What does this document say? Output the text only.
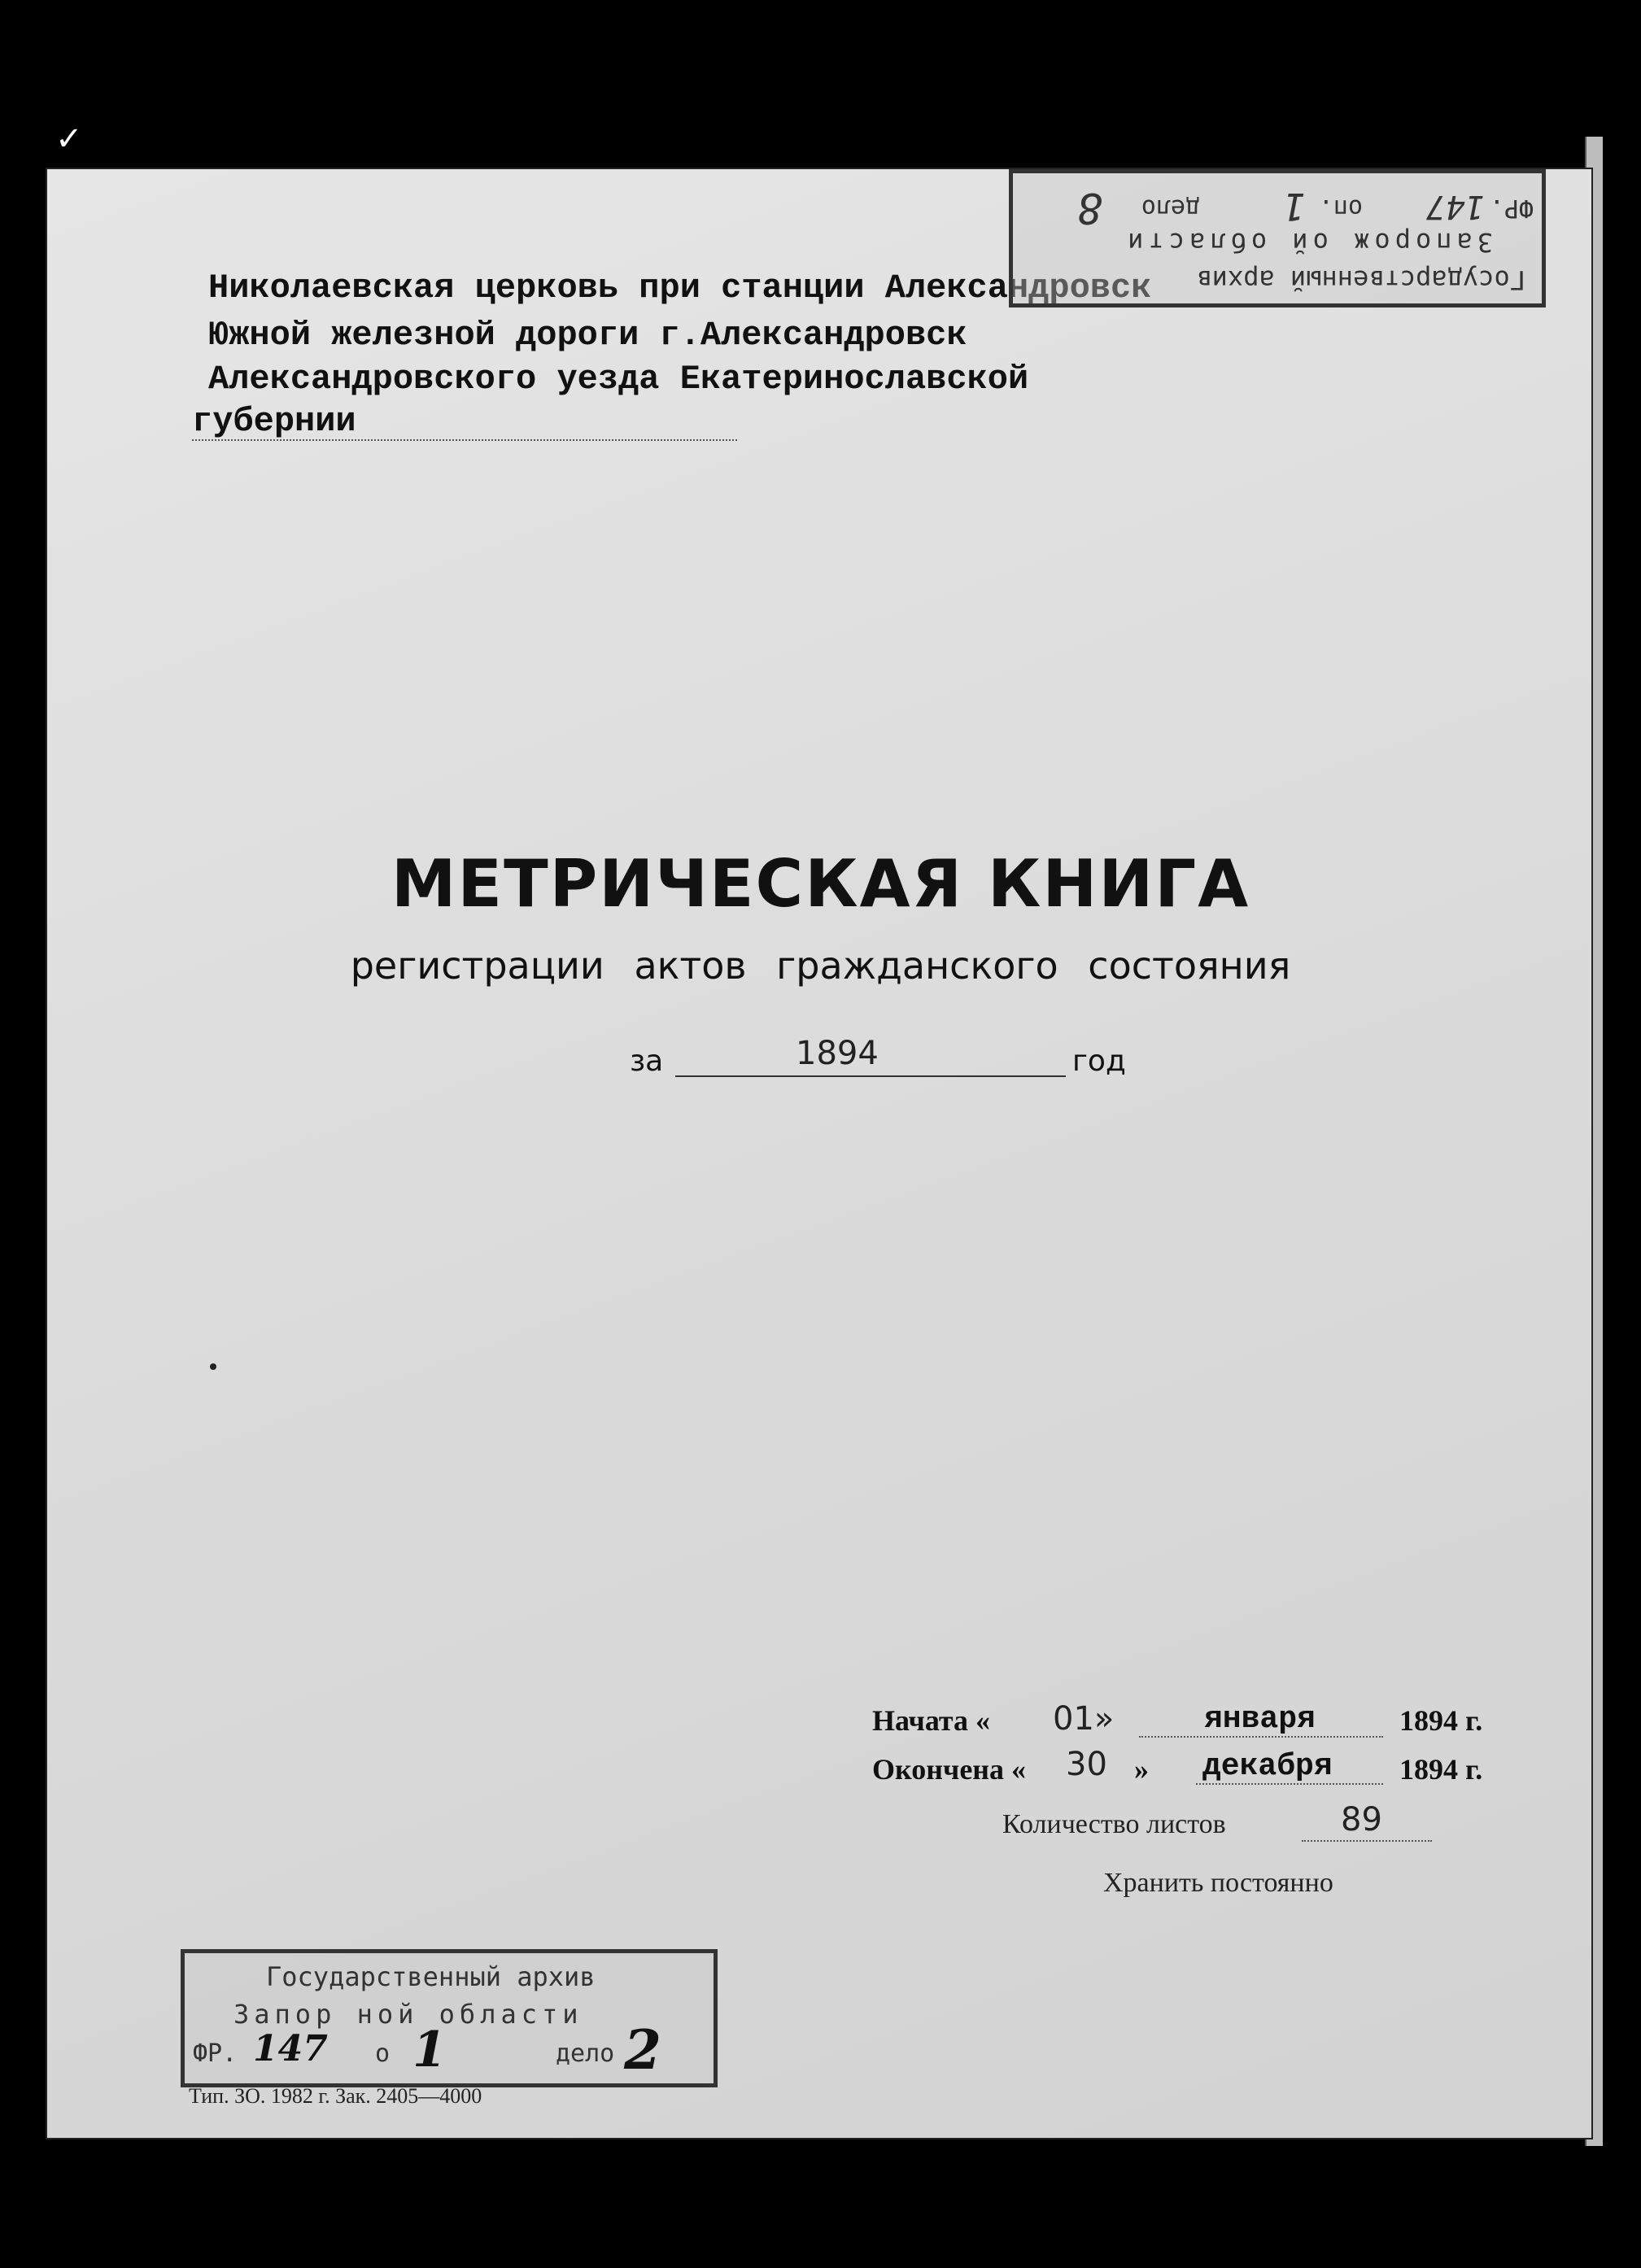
✓
Николаевская церковь при станции Александровск
Южной железной дороги г.Александровск
Александровского уезда Екатеринославской
губернии
Государственный архив
Запорож ой области
ФР.
147
оп.
1
дело
8
МЕТРИЧЕСКАЯ КНИГА
регистрации актов гражданского состояния
за	1894	год
Начата « 01»	января	1894 г.
Окончена « 30 » декабря 1894 г.
Количество листов	89
Хранить постоянно
Государственный архив
Запор ной области
ФР. 147 о 1	дело 2
Тип. ЗО. 1982 г. Зак. 2405—4000
